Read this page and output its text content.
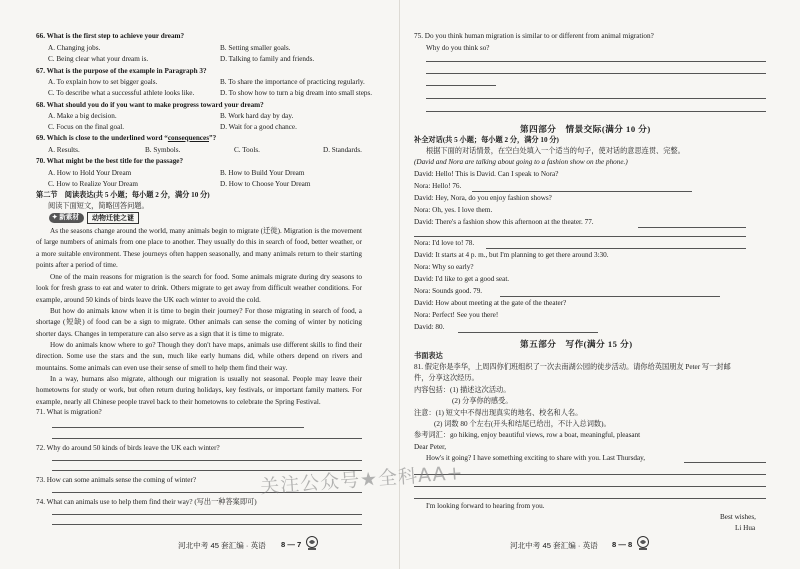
66. What is the first step to achieve your dream?
A. Changing jobs.	B. Setting smaller goals.
C. Being clear what your dream is.	D. Talking to family and friends.
67. What is the purpose of the example in Paragraph 3?
A. To explain how to set bigger goals.	B. To share the importance of practicing regularly.
C. To describe what a successful athlete looks like.	D. To show how to turn a big dream into small steps.
68. What should you do if you want to make progress toward your dream?
A. Make a big decision.	B. Work hard day by day.
C. Focus on the final goal.	D. Wait for a good chance.
69. Which is close to the underlined word “consequences”?
A. Results.	B. Symbols.	C. Tools.	D. Standards.
70. What might be the best title for the passage?
A. How to Hold Your Dream	B. How to Build Your Dream
C. How to Realize Your Dream	D. How to Choose Your Dream
第二节　阅读表达(共 5 小题；每小题 2 分，满分 10 分)
阅读下面短文，简略回答问题。
✦ 新素材	动物迁徙之谜
As the seasons change around the world, many animals begin to migrate (迁徙). Migration is the movement of large numbers of animals from one place to another. They usually do this in search of food, better weather, or a more suitable environment. These journeys often happen seasonally, and many animals return to their starting points after a period of time.
One of the main reasons for migration is the search for food. Some animals migrate during dry seasons to look for fresh grass to eat and water to drink. Others migrate to get away from difficult weather conditions. For example, around 50 kinds of birds leave the UK each winter to avoid the cold.
But how do animals know when it is time to begin their journey? For those migrating in search of food, a shortage (短缺) of food can be a sign to migrate. Other animals can sense the coming of winter by noticing shorter days. Changes in temperature can also serve as a sign that it is time to migrate.
How do animals know where to go? Though they don't have maps, animals use different skills to find their direction. Some use the stars and the sun, much like early humans did, while others depend on rivers and mountains. Some animals can even use their sense of smell to help them find their way.
In a way, humans also migrate, although our migration is usually not seasonal. People may leave their hometowns for study or work, but often return during holidays, key festivals, or important family matters. For example, nearly all Chinese people travel back to their hometowns to celebrate the Spring Festival.
71. What is migration?
72. Why do around 50 kinds of birds leave the UK each winter?
73. How can some animals sense the coming of winter?
74. What can animals use to help them find their way? (写出一种答案即可)
河北中考 45 套汇编 · 英语 8 — 7
75. Do you think human migration is similar to or different from animal migration?
Why do you think so?
第四部分　情景交际(满分 10 分)
补全对话(共 5 小题；每小题 2 分，满分 10 分)
根据下面的对话情景，在空白处填入一个适当的句子，使对话的意思连贯、完整。
(David and Nora are talking about going to a fashion show on the phone.)
David: Hello! This is David. Can I speak to Nora?
Nora: Hello! 76.
David: Hey, Nora, do you enjoy fashion shows?
Nora: Oh, yes. I love them.
David: There's a fashion show this afternoon at the theater. 77.
Nora: I'd love to! 78.
David: It starts at 4 p. m., but I'm planning to get there around 3:30.
Nora: Why so early?
David: I'd like to get a good seat.
Nora: Sounds good. 79.
David: How about meeting at the gate of the theater?
Nora: Perfect! See you there!
David: 80.
第五部分　写作(满分 15 分)
书面表达
81. 假定你是李华，上周四你们班组织了一次去南湖公园的徒步活动。请你给英国朋友 Peter 写一封邮
件，分享这次经历。
内容包括：(1) 描述这次活动。
(2) 分享你的感受。
注意：(1) 短文中不得出现真实的地名、校名和人名。
(2) 词数 80 个左右(开头和结尾已给出，不计入总词数)。
参考词汇：go hiking, enjoy beautiful views, row a boat, meaningful, pleasant
Dear Peter,
How's it going? I have something exciting to share with you. Last Thursday,
I'm looking forward to hearing from you.
Best wishes,
Li Hua
河北中考 45 套汇编 · 英语 8 — 8
关注公众号★全科AA+
